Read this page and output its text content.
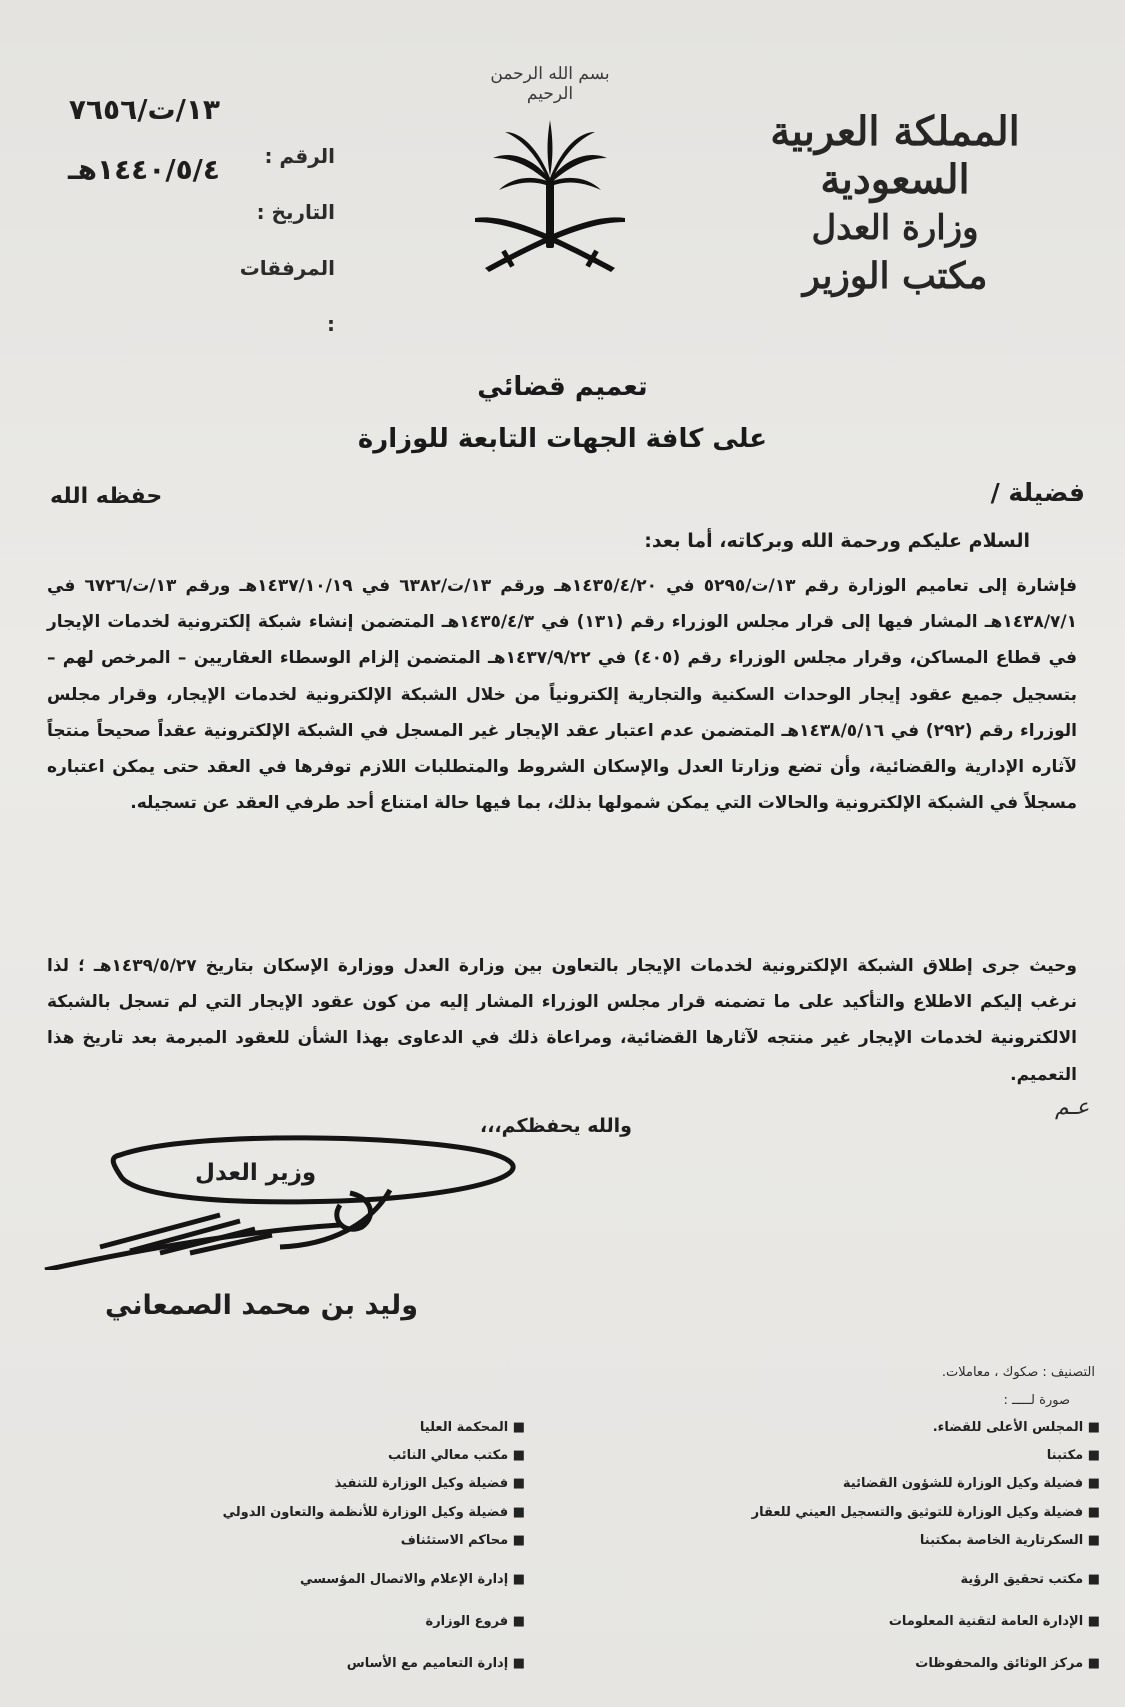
بسم الله الرحمن الرحيم
المملكة العربية السعودية
وزارة العدل
مكتب الوزير
الرقم :
التاريخ :
المرفقات :
١٣/ت/٧٦٥٦
١٤٤٠/٥/٤هـ
تعميم قضائي
على كافة الجهات التابعة للوزارة
فضيلة /
حفظه الله
السلام عليكم ورحمة الله وبركاته، أما بعد:
فإشارة إلى تعاميم الوزارة رقم ١٣/ت/٥٢٩٥ في ١٤٣٥/٤/٢٠هـ ورقم ١٣/ت/٦٣٨٢ في ١٤٣٧/١٠/١٩هـ ورقم ١٣/ت/٦٧٢٦ في ١٤٣٨/٧/١هـ المشار فيها إلى قرار مجلس الوزراء رقم (١٣١) في ١٤٣٥/٤/٣هـ المتضمن إنشاء شبكة إلكترونية لخدمات الإيجار في قطاع المساكن، وقرار مجلس الوزراء رقم (٤٠٥) في ١٤٣٧/٩/٢٢هـ المتضمن إلزام الوسطاء العقاريين – المرخص لهم – بتسجيل جميع عقود إيجار الوحدات السكنية والتجارية إلكترونياً من خلال الشبكة الإلكترونية لخدمات الإيجار، وقرار مجلس الوزراء رقم (٢٩٢) في ١٤٣٨/٥/١٦هـ المتضمن عدم اعتبار عقد الإيجار غير المسجل في الشبكة الإلكترونية عقداً صحيحاً منتجاً لآثاره الإدارية والقضائية، وأن تضع وزارتا العدل والإسكان الشروط والمتطلبات اللازم توفرها في العقد حتى يمكن اعتباره مسجلاً في الشبكة الإلكترونية والحالات التي يمكن شمولها بذلك، بما فيها حالة امتناع أحد طرفي العقد عن تسجيله.
وحيث جرى إطلاق الشبكة الإلكترونية لخدمات الإيجار بالتعاون بين وزارة العدل ووزارة الإسكان بتاريخ ١٤٣٩/٥/٢٧هـ ؛ لذا نرغب إليكم الاطلاع والتأكيد على ما تضمنه قرار مجلس الوزراء المشار إليه من كون عقود الإيجار التي لم تسجل بالشبكة الالكترونية لخدمات الإيجار غير منتجه لآثارها القضائية، ومراعاة ذلك في الدعاوى بهذا الشأن للعقود المبرمة بعد تاريخ هذا التعميم.
عـم
والله يحفظكم،،،
وزير العدل
وليد بن محمد الصمعاني
التصنيف : صكوك ، معاملات.
صورة لـــــ :
■ المجلس الأعلى للقضاء.
■ مكتبنا
■ فضيلة وكيل الوزارة للشؤون القضائية
■ فضيلة وكيل الوزارة للتوثيق والتسجيل العيني للعقار
■ السكرتارية الخاصة بمكتبنا
■ مكتب تحقيق الرؤية
■ الإدارة العامة لتقنية المعلومات
■ مركز الوثائق والمحفوظات
■ المحكمة العليا
■ مكتب معالي النائب
■ فضيلة وكيل الوزارة للتنفيذ
■ فضيلة وكيل الوزارة للأنظمة والتعاون الدولي
■ محاكم الاستئناف
■ إدارة الإعلام والاتصال المؤسسي
■ فروع الوزارة
■ إدارة التعاميم مع الأساس
